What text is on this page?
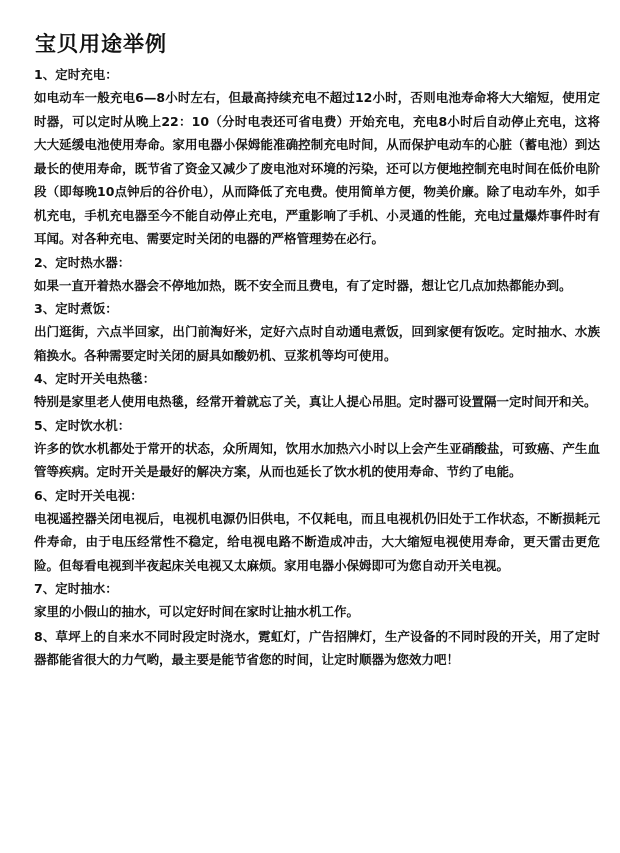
宝贝用途举例

1、定时充电：

如电动车一般充电6—8小时左右，但最高持续充电不超过12小时，否则电池寿命将大大缩短，使用定时器，可以定时从晚上22：10（分时电表还可省电费）开始充电，充电8小时后自动停止充电，这将大大延缓电池使用寿命。家用电器小保姆能准确控制充电时间，从而保护电动车的心脏（蓄电池）到达最长的使用寿命，既节省了资金又减少了废电池对环境的污染，还可以方便地控制充电时间在低价电阶段（即每晚10点钟后的谷价电），从而降低了充电费。使用简单方便，物美价廉。除了电动车外，如手机充电，手机充电器至今不能自动停止充电，严重影响了手机、小灵通的性能，充电过量爆炸事件时有耳闻。对各种充电、需要定时关闭的电器的严格管理势在必行。

2、定时热水器：

如果一直开着热水器会不停地加热，既不安全而且费电，有了定时器，想让它几点加热都能办到。

3、定时煮饭：

出门逛街，六点半回家，出门前淘好米，定好六点时自动通电煮饭，回到家便有饭吃。定时抽水、水族箱换水。各种需要定时关闭的厨具如酸奶机、豆浆机等均可使用。

4、定时开关电热毯：

特别是家里老人使用电热毯，经常开着就忘了关，真让人提心吊胆。定时器可设置隔一定时间开和关。

5、定时饮水机：

许多的饮水机都处于常开的状态，众所周知，饮用水加热六小时以上会产生亚硝酸盐，可致癌、产生血管等疾病。定时开关是最好的解决方案，从而也延长了饮水机的使用寿命、节约了电能。

6、定时开关电视：

电视遥控器关闭电视后，电视机电源仍旧供电，不仅耗电，而且电视机仍旧处于工作状态，不断损耗元件寿命，由于电压经常性不稳定，给电视电路不断造成冲击，大大缩短电视使用寿命，更天雷击更危险。但每看电视到半夜起床关电视又太麻烦。家用电器小保姆即可为您自动开关电视。

7、定时抽水：

家里的小假山的抽水，可以定好时间在家时让抽水机工作。

8、草坪上的自来水不同时段定时浇水，霓虹灯，广告招牌灯，生产设备的不同时段的开关，用了定时器都能省很大的力气哟，最主要是能节省您的时间，让定时顺器为您效力吧！
